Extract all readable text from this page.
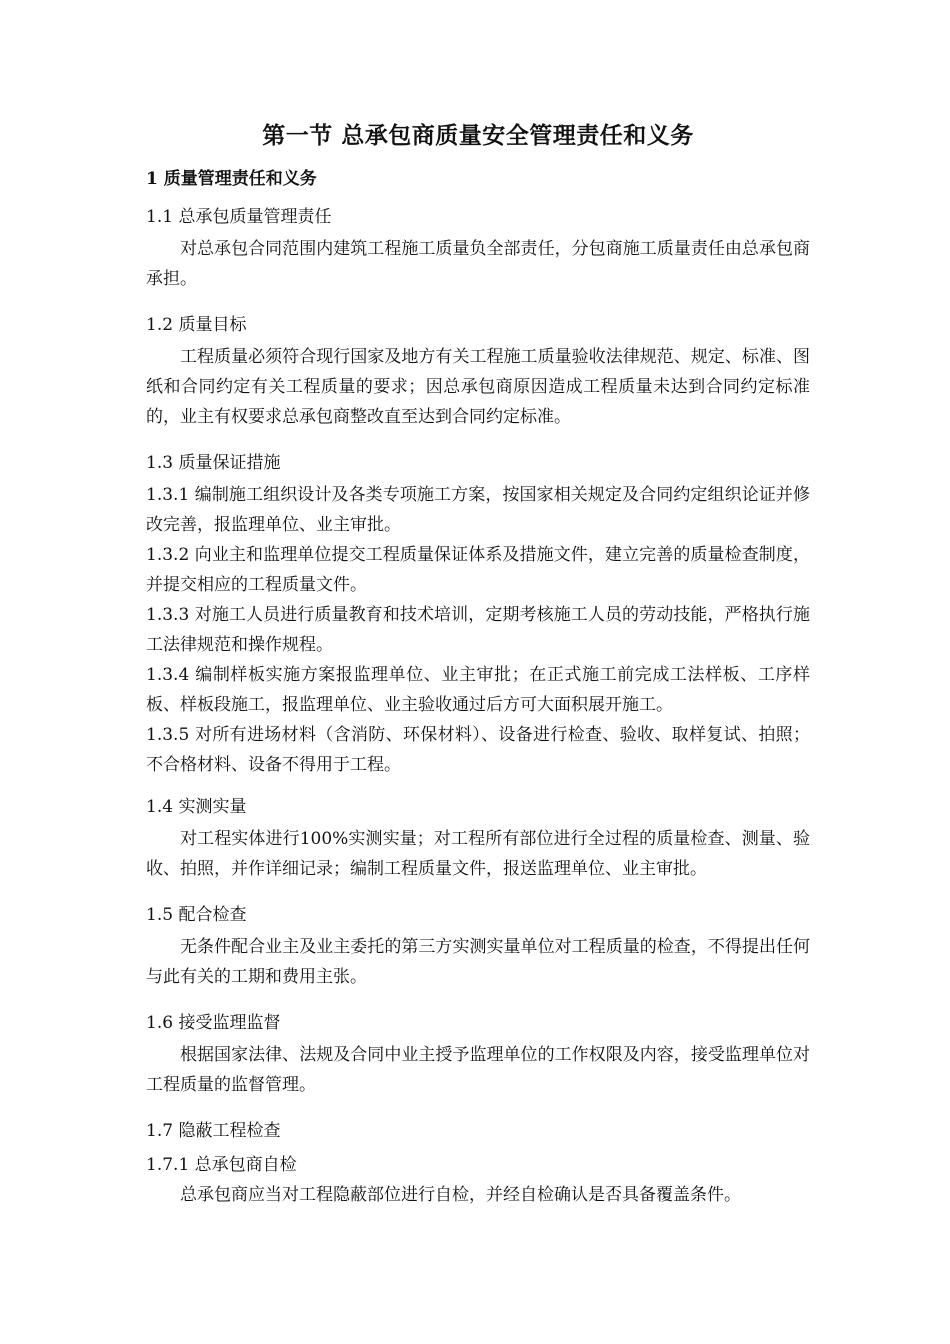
第一节 总承包商质量安全管理责任和义务
1 质量管理责任和义务
1.1 总承包质量管理责任
对总承包合同范围内建筑工程施工质量负全部责任，分包商施工质量责任由总承包商承担。
1.2 质量目标
工程质量必须符合现行国家及地方有关工程施工质量验收法律规范、规定、标准、图纸和合同约定有关工程质量的要求；因总承包商原因造成工程质量未达到合同约定标准的，业主有权要求总承包商整改直至达到合同约定标准。
1.3 质量保证措施
1.3.1 编制施工组织设计及各类专项施工方案，按国家相关规定及合同约定组织论证并修改完善，报监理单位、业主审批。
1.3.2 向业主和监理单位提交工程质量保证体系及措施文件，建立完善的质量检查制度，并提交相应的工程质量文件。
1.3.3 对施工人员进行质量教育和技术培训，定期考核施工人员的劳动技能，严格执行施工法律规范和操作规程。
1.3.4 编制样板实施方案报监理单位、业主审批；在正式施工前完成工法样板、工序样板、样板段施工，报监理单位、业主验收通过后方可大面积展开施工。
1.3.5 对所有进场材料（含消防、环保材料）、设备进行检查、验收、取样复试、拍照；不合格材料、设备不得用于工程。
1.4 实测实量
对工程实体进行100%实测实量；对工程所有部位进行全过程的质量检查、测量、验收、拍照，并作详细记录；编制工程质量文件，报送监理单位、业主审批。
1.5 配合检查
无条件配合业主及业主委托的第三方实测实量单位对工程质量的检查，不得提出任何与此有关的工期和费用主张。
1.6 接受监理监督
根据国家法律、法规及合同中业主授予监理单位的工作权限及内容，接受监理单位对工程质量的监督管理。
1.7 隐蔽工程检查
1.7.1 总承包商自检
总承包商应当对工程隐蔽部位进行自检，并经自检确认是否具备覆盖条件。
